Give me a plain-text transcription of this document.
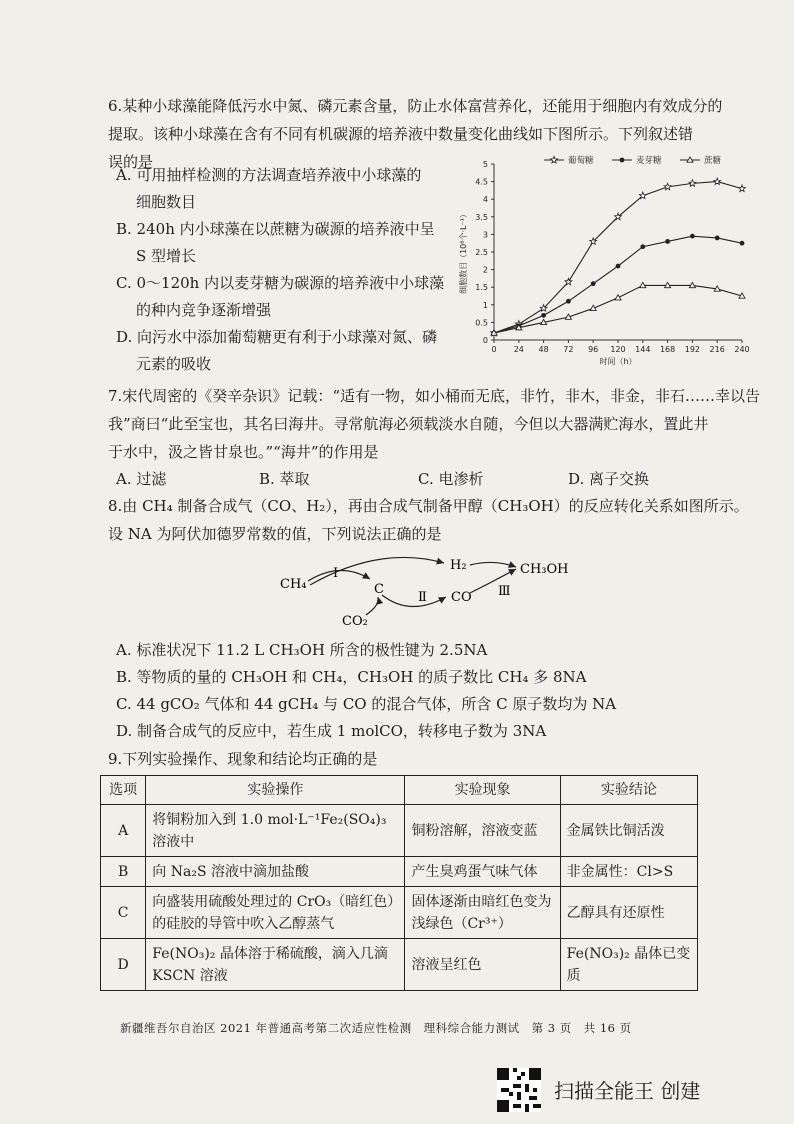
6.某种小球藻能降低污水中氮、磷元素含量，防止水体富营养化，还能用于细胞内有效成分的
提取。该种小球藻在含有不同有机碳源的培养液中数量变化曲线如下图所示。下列叙述错
误的是
A. 可用抽样检测的方法调查培养液中小球藻的
细胞数目
B. 240h 内小球藻在以蔗糖为碳源的培养液中呈
S 型增长
C. 0～120h 内以麦芽糖为碳源的培养液中小球藻
的种内竞争逐渐增强
D. 向污水中添加葡萄糖更有利于小球藻对氮、磷
元素的吸收
0
0.5
1
1.5
2
2.5
3
3.5
4
4.5
5
0 24 48 72 96 120 144 168 192 216 240
时间（h）
细胞数目（10⁸个·L⁻¹）
葡萄糖	麦芽糖	蔗糖
7.宋代周密的《癸辛杂识》记载：“适有一物，如小桶而无底，非竹，非木，非金，非石……幸以告
我”商曰“此至宝也，其名曰海井。寻常航海必须载淡水自随，今但以大器满贮海水，置此井
于水中，汲之皆甘泉也。”“海井”的作用是
A. 过滤	B. 萃取	C. 电渗析	D. 离子交换
8.由 CH₄ 制备合成气（CO、H₂），再由合成气制备甲醇（CH₃OH）的反应转化关系如图所示。
设 NA 为阿伏加德罗常数的值，下列说法正确的是
CH₄	C
CO₂
H₂
CO
CH₃OH
Ⅰ
Ⅱ	Ⅲ
A. 标准状况下 11.2 L CH₃OH 所含的极性键为 2.5NA
B. 等物质的量的 CH₃OH 和 CH₄，CH₃OH 的质子数比 CH₄ 多 8NA
C. 44 gCO₂ 气体和 44 gCH₄ 与 CO 的混合气体，所含 C 原子数均为 NA
D. 制备合成气的反应中，若生成 1 molCO，转移电子数为 3NA
9.下列实验操作、现象和结论均正确的是
选项	实验操作	实验现象	实验结论
A	将铜粉加入到 1.0 mol·L⁻¹Fe₂(SO₄)₃ 溶液中	铜粉溶解，溶液变蓝	金属铁比铜活泼
B	向 Na₂S 溶液中滴加盐酸	产生臭鸡蛋气味气体	非金属性：Cl>S
C	向盛装用硫酸处理过的 CrO₃（暗红色）的硅胶的导管中吹入乙醇蒸气	固体逐渐由暗红色变为浅绿色（Cr³⁺）	乙醇具有还原性
D	Fe(NO₃)₂ 晶体溶于稀硫酸，滴入几滴 KSCN 溶液	溶液呈红色	Fe(NO₃)₂ 晶体已变质
新疆维吾尔自治区 2021 年普通高考第二次适应性检测　理科综合能力测试　第 3 页　共 16 页
扫描全能王 创建
